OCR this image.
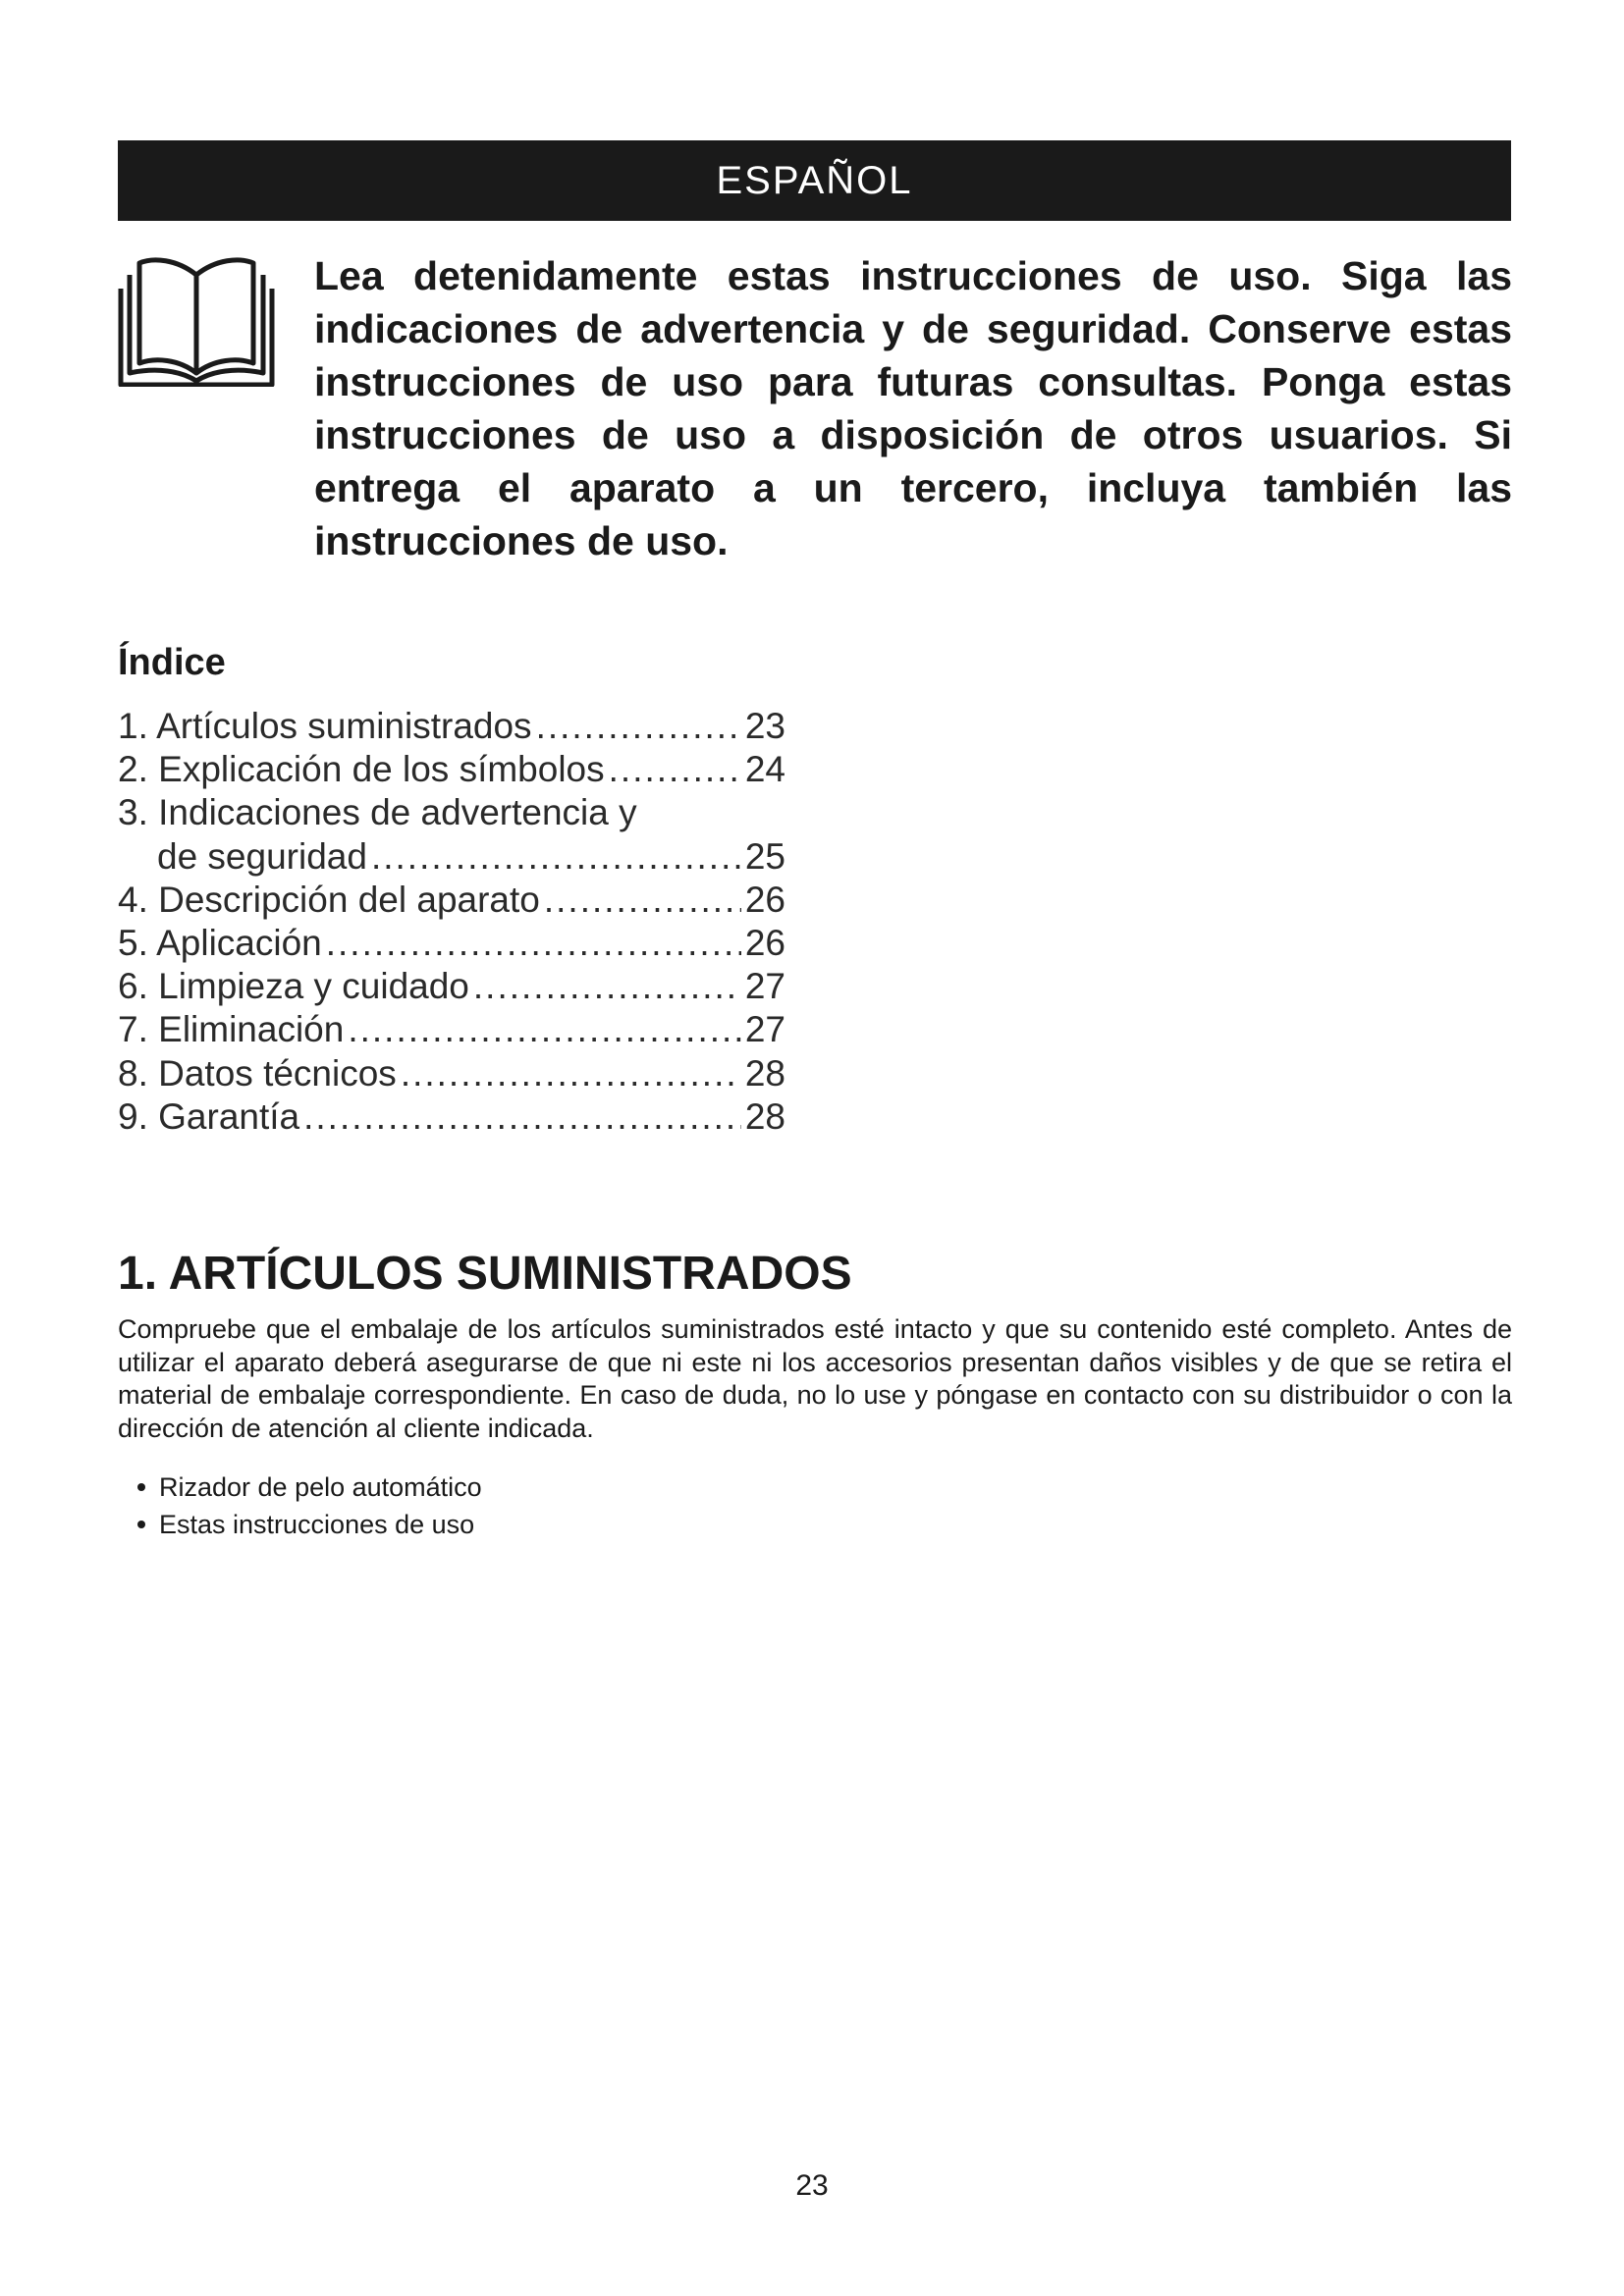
ESPAÑOL

Lea detenidamente estas instrucciones de uso. Siga las indicaciones de advertencia y de seguridad. Conserve estas instrucciones de uso para futuras consultas. Ponga estas instrucciones de uso a disposición de otros usuarios. Si entrega el aparato a un tercero, incluya también las instrucciones de uso.

Índice
1. Artículos suministrados .....	23
2. Explicación de los símbolos .....	24
3. Indicaciones de advertencia y
de seguridad .....	25
4. Descripción del aparato .....	26
5. Aplicación .....	26
6. Limpieza y cuidado .....	27
7. Eliminación .....	27
8. Datos técnicos .....	28
9. Garantía .....	28
1. ARTÍCULOS SUMINISTRADOS

Compruebe que el embalaje de los artículos suministrados esté intacto y que su contenido esté completo. Antes de utilizar el aparato deberá asegurarse de que ni este ni los accesorios presentan daños visibles y de que se retira el material de embalaje correspondiente. En caso de duda, no lo use y póngase en contacto con su distribuidor o con la dirección de atención al cliente indicada.

Rizador de pelo automático
Estas instrucciones de uso
23
